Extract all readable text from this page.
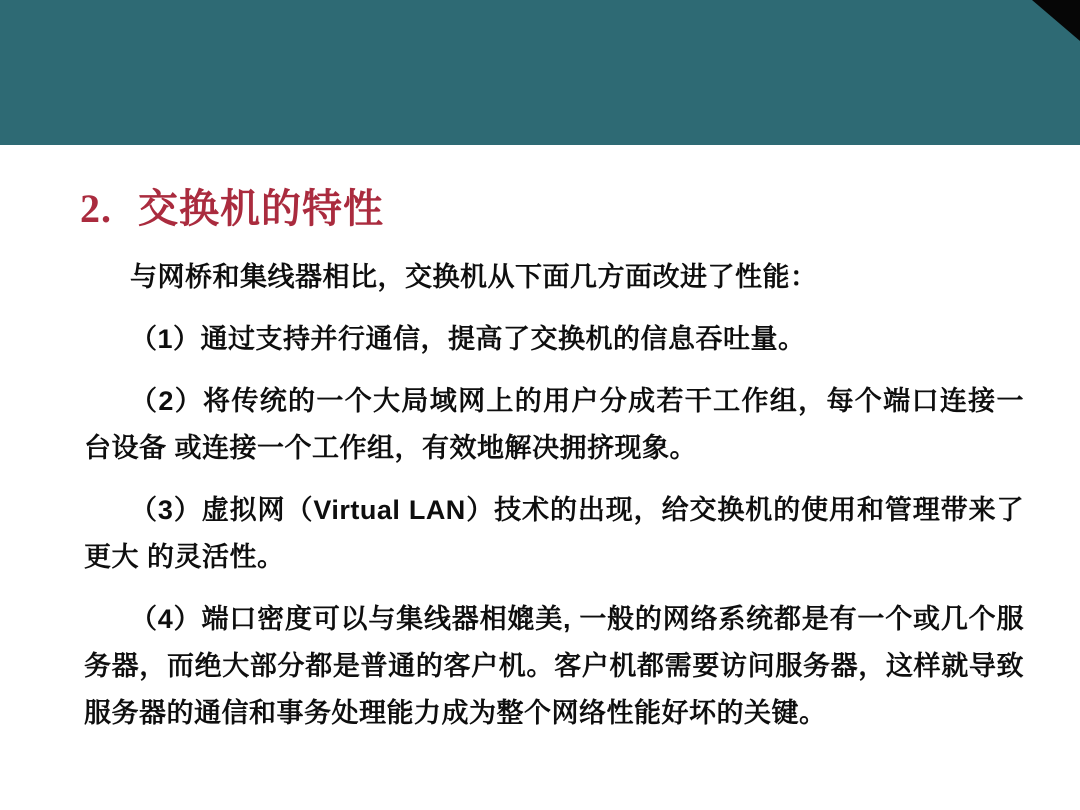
2. 交换机的特性

与网桥和集线器相比，交换机从下面几方面改进了性能：

（1）通过支持并行通信，提高了交换机的信息吞吐量。

（2）将传统的一个大局域网上的用户分成若干工作组，每个端口连接一台设备 或连接一个工作组，有效地解决拥挤现象。

（3）虚拟网（Virtual LAN）技术的出现，给交换机的使用和管理带来了更大 的灵活性。

（4）端口密度可以与集线器相媲美, 一般的网络系统都是有一个或几个服务器，而绝大部分都是普通的客户机。客户机都需要访问服务器，这样就导致服务器的通信和事务处理能力成为整个网络性能好坏的关键。
